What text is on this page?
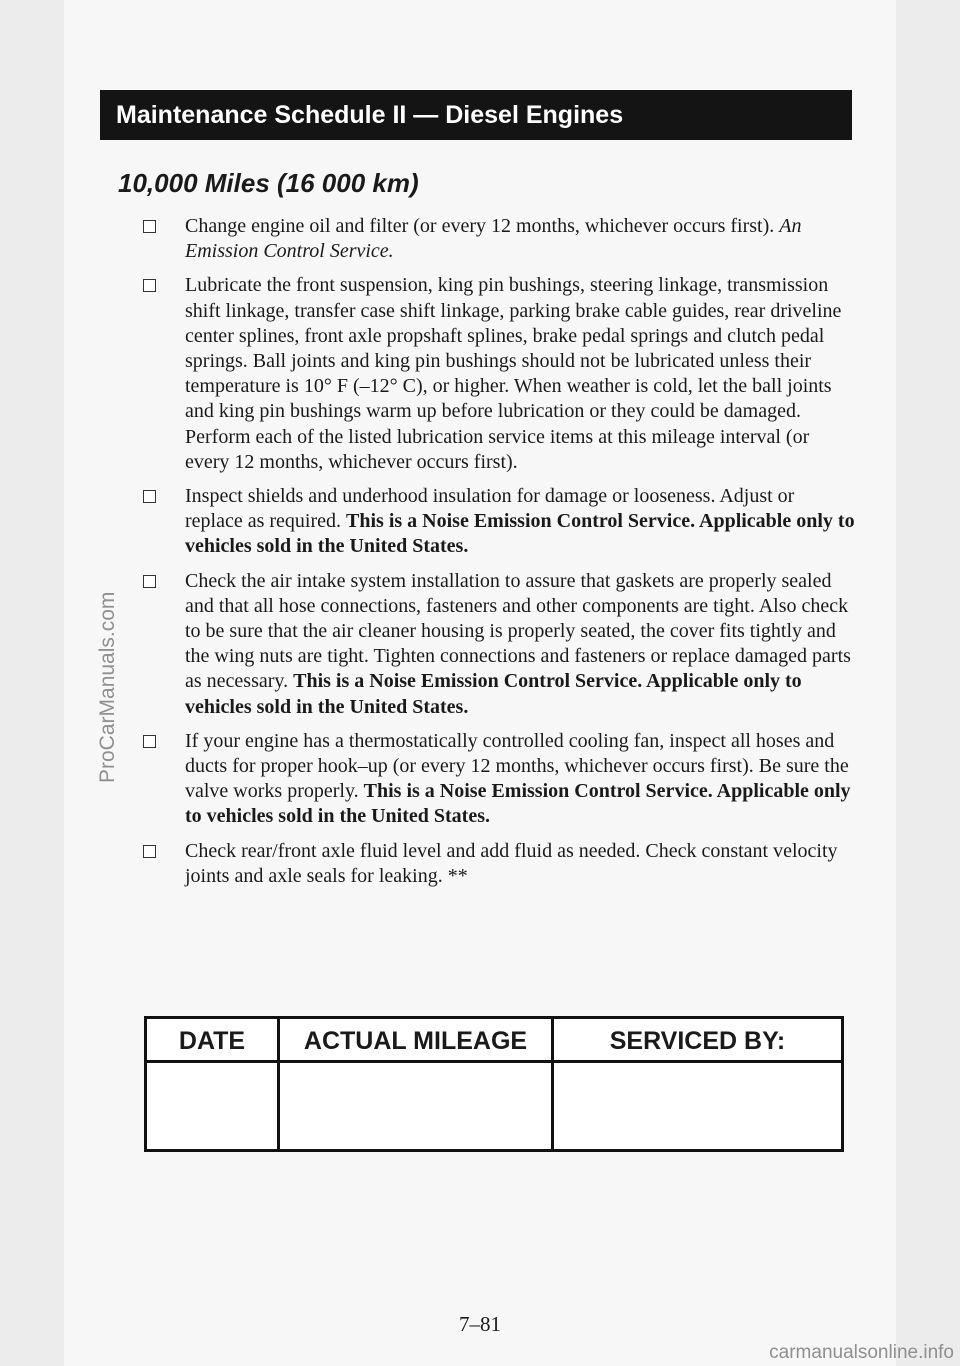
Maintenance Schedule II — Diesel Engines
10,000 Miles (16 000 km)
Change engine oil and filter (or every 12 months, whichever occurs first). An Emission Control Service.
Lubricate the front suspension, king pin bushings, steering linkage, transmission shift linkage, transfer case shift linkage, parking brake cable guides, rear driveline center splines, front axle propshaft splines, brake pedal springs and clutch pedal springs. Ball joints and king pin bushings should not be lubricated unless their temperature is 10° F (–12° C), or higher. When weather is cold, let the ball joints and king pin bushings warm up before lubrication or they could be damaged. Perform each of the listed lubrication service items at this mileage interval (or every 12 months, whichever occurs first).
Inspect shields and underhood insulation for damage or looseness. Adjust or replace as required. This is a Noise Emission Control Service. Applicable only to vehicles sold in the United States.
Check the air intake system installation to assure that gaskets are properly sealed and that all hose connections, fasteners and other components are tight. Also check to be sure that the air cleaner housing is properly seated, the cover fits tightly and the wing nuts are tight. Tighten connections and fasteners or replace damaged parts as necessary. This is a Noise Emission Control Service. Applicable only to vehicles sold in the United States.
If your engine has a thermostatically controlled cooling fan, inspect all hoses and ducts for proper hook–up (or every 12 months, whichever occurs first). Be sure the valve works properly. This is a Noise Emission Control Service. Applicable only to vehicles sold in the United States.
Check rear/front axle fluid level and add fluid as needed. Check constant velocity joints and axle seals for leaking. **
DATE	ACTUAL MILEAGE	SERVICED BY:
7–81
ProCarManuals.com
carmanualsonline.info
